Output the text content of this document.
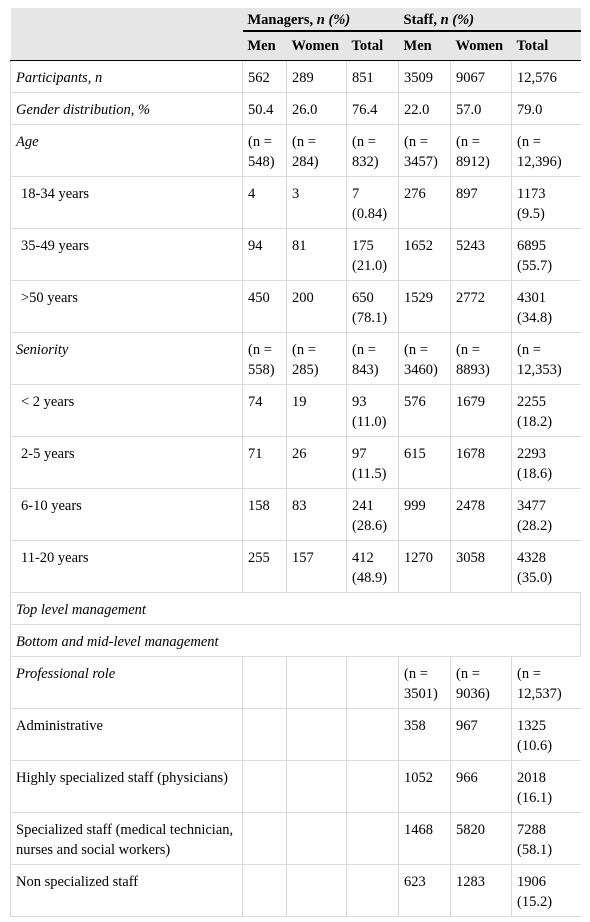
	Managers, n (%)			Staff, n (%)		
	Men	Women	Total	Men	Women	Total
Participants, n	562	289	851	3509	9067	12,576
Gender distribution, %	50.4	26.0	76.4	22.0	57.0	79.0
Age	(n = 548)	(n = 284)	(n = 832)	(n = 3457)	(n = 8912)	(n = 12,396)
18-34 years	4	3	7 (0.84)	276	897	1173 (9.5)
35-49 years	94	81	175 (21.0)	1652	5243	6895 (55.7)
>50 years	450	200	650 (78.1)	1529	2772	4301 (34.8)
Seniority	(n = 558)	(n = 285)	(n = 843)	(n = 3460)	(n = 8893)	(n = 12,353)
< 2 years	74	19	93 (11.0)	576	1679	2255 (18.2)
2-5 years	71	26	97 (11.5)	615	1678	2293 (18.6)
6-10 years	158	83	241 (28.6)	999	2478	3477 (28.2)
11-20 years	255	157	412 (48.9)	1270	3058	4328 (35.0)
Top level management						
Bottom and mid-level management						
Professional role				(n = 3501)	(n = 9036)	(n = 12,537)
Administrative				358	967	1325 (10.6)
Highly specialized staff (physicians)				1052	966	2018 (16.1)
Specialized staff (medical technician, nurses and social workers)				1468	5820	7288 (58.1)
Non specialized staff				623	1283	1906 (15.2)
